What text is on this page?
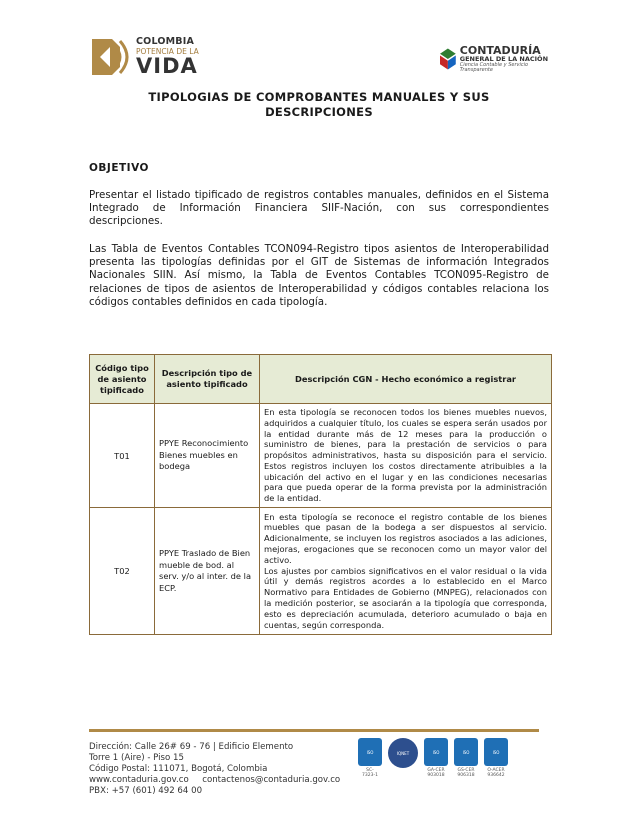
COLOMBIA
POTENCIA DE LA
VIDA
CONTADURÍA
GENERAL DE LA NACIÓN
Ciencia Contable y Servicio Transparente
TIPOLOGIAS DE COMPROBANTES MANUALES Y SUS
DESCRIPCIONES
OBJETIVO
Presentar el listado tipificado de registros contables manuales, definidos en el Sistema Integrado de Información Financiera SIIF-Nación, con sus correspondientes descripciones.
Las Tabla de Eventos Contables TCON094-Registro tipos asientos de Interoperabilidad presenta las tipologías definidas por el GIT de Sistemas de información Integrados Nacionales SIIN. Así mismo, la Tabla de Eventos Contables TCON095-Registro de relaciones de tipos de asientos de Interoperabilidad y códigos contables relaciona los códigos contables definidos en cada tipología.
Código tipo de asiento tipificado	Descripción tipo de asiento tipificado	Descripción CGN - Hecho económico a registrar
T01	PPYE Reconocimiento Bienes muebles en bodega	En esta tipología se reconocen todos los bienes muebles nuevos, adquiridos a cualquier título, los cuales se espera serán usados por la entidad durante más de 12 meses para la producción o suministro de bienes, para la prestación de servicios o para propósitos administrativos, hasta su disposición para el servicio. Estos registros incluyen los costos directamente atribuibles a la ubicación del activo en el lugar y en las condiciones necesarias para que pueda operar de la forma prevista por la administración de la entidad.
T02	PPYE Traslado de Bien mueble de bod. al serv. y/o al inter. de la ECP.	En esta tipología se reconoce el registro contable de los bienes muebles que pasan de la bodega a ser dispuestos al servicio. Adicionalmente, se incluyen los registros asociados a las adiciones, mejoras, erogaciones que se reconocen como un mayor valor del activo.
Los ajustes por cambios significativos en el valor residual o la vida útil y demás registros acordes a lo establecido en el Marco Normativo para Entidades de Gobierno (MNPEG), relacionados con la medición posterior, se asociarán a la tipología que corresponda, esto es depreciación acumulada, deterioro acumulado o baja en cuentas, según corresponda.
Dirección: Calle 26# 69 - 76 | Edificio Elemento
Torre 1 (Aire) - Piso 15
Código Postal: 111071, Bogotá, Colombia
www.contaduria.gov.co contactenos@contaduria.gov.co
PBX: +57 (601) 492 64 00
ISO
SC-
7323-1
IQNET	ISO
GA-CER
903018
ISO
GS-CER
906318
ISO
O-ACER
936642
